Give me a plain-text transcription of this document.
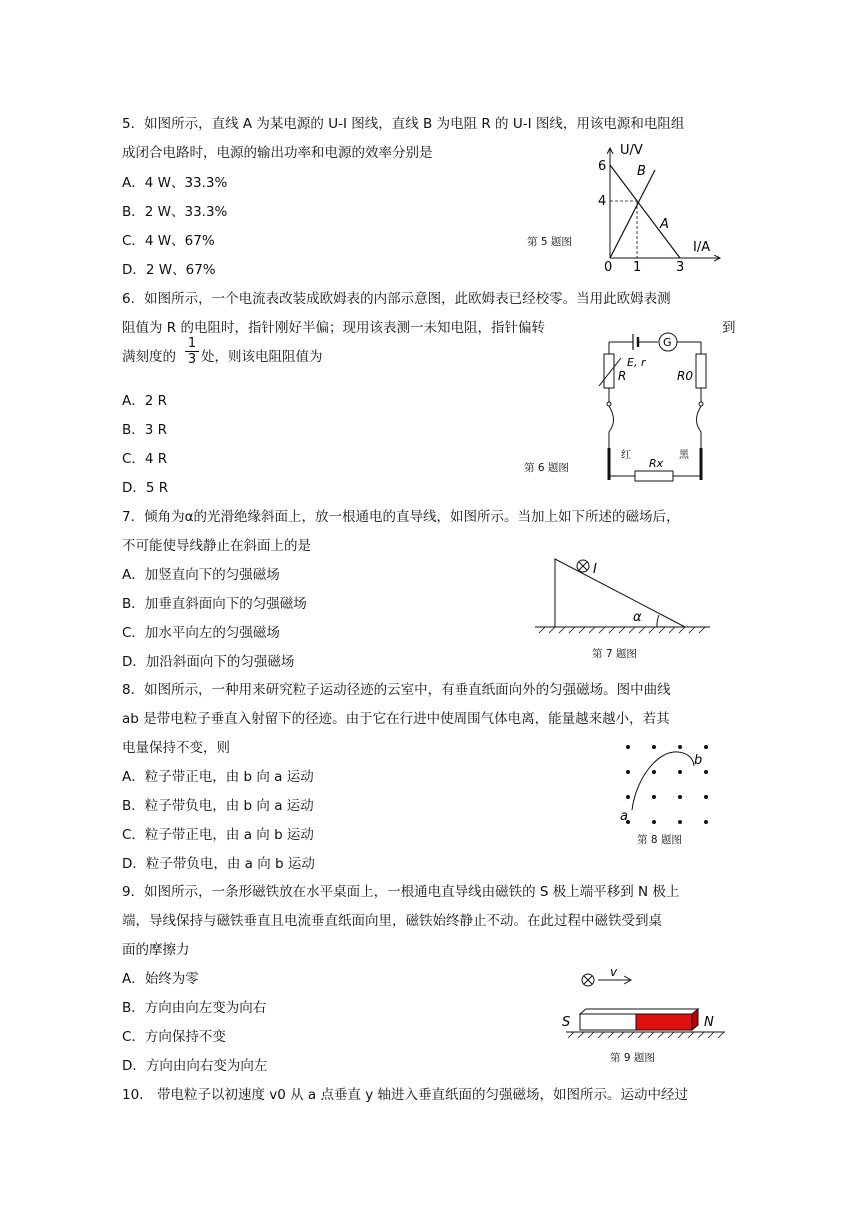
5．如图所示，直线 A 为某电源的 U-I 图线，直线 B 为电阻 R 的 U-I 图线，用该电源和电阻组
成闭合电路时，电源的输出功率和电源的效率分别是
A．4 W、33.3%
B．2 W、33.3%
C．4 W、67%
D．2 W、67%
第 5 题图
U/V
I/A
6
4
0 1	3
A
B
6．如图所示，一个电流表改装成欧姆表的内部示意图，此欧姆表已经校零。当用此欧姆表测
阻值为 R 的电阻时，指针刚好半偏；现用该表测一未知电阻，指针偏转	到
满刻度的 $\frac{1}{3}$ 处，则该电阻阻值为
A．2 R
B．3 R
C．4 R
D．5 R
第 6 题图
G
E, r
R
红
R0
黑
Rx
7．倾角为α的光滑绝缘斜面上，放一根通电的直导线，如图所示。当加上如下所述的磁场后，
不可能使导线静止在斜面上的是
A．加竖直向下的匀强磁场
B．加垂直斜面向下的匀强磁场
C．加水平向左的匀强磁场
D．加沿斜面向下的匀强磁场	第 7 题图
I
α
8．如图所示，一种用来研究粒子运动径迹的云室中，有垂直纸面向外的匀强磁场。图中曲线
ab 是带电粒子垂直入射留下的径迹。由于它在行进中使周围气体电离，能量越来越小，若其
电量保持不变，则
A．粒子带正电，由 b 向 a 运动
B．粒子带负电，由 b 向 a 运动
C．粒子带正电，由 a 向 b 运动
D．粒子带负电，由 a 向 b 运动
第 8 题图
a
b
9．如图所示，一条形磁铁放在水平桌面上，一根通电直导线由磁铁的 S 极上端平移到 N 极上
端，导线保持与磁铁垂直且电流垂直纸面向里，磁铁始终静止不动。在此过程中磁铁受到桌
面的摩擦力
A．始终为零
B．方向由向左变为向右
C．方向保持不变
D．方向由向右变为向左	第 9 题图
v
S	N
10． 带电粒子以初速度 v0 从 a 点垂直 y 轴进入垂直纸面的匀强磁场，如图所示。运动中经过
